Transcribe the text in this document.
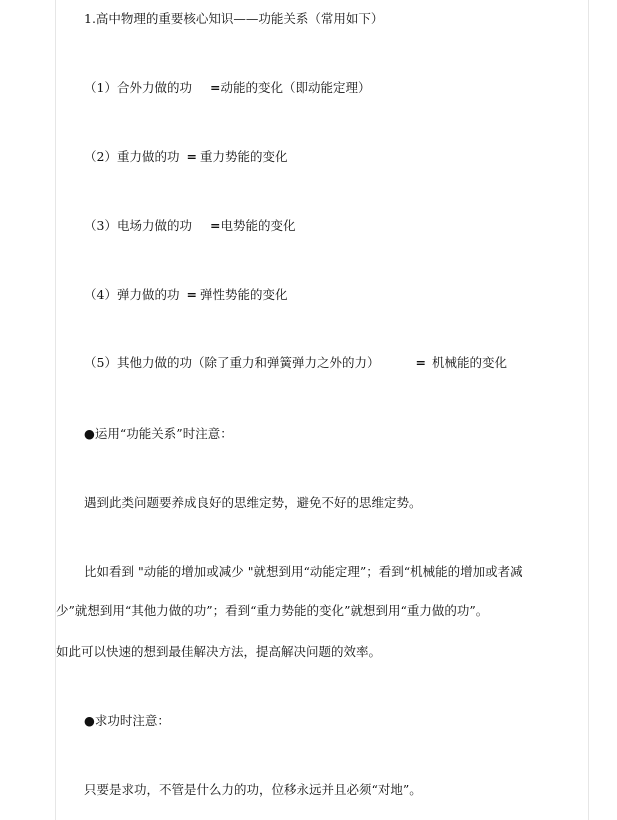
1.高中物理的重要核心知识——功能关系（常用如下）
（1）合外力做的功 =动能的变化（即动能定理）
（2）重力做的功 = 重力势能的变化
（3）电场力做的功 =电势能的变化
（4）弹力做的功 = 弹性势能的变化
（5）其他力做的功（除了重力和弹簧弹力之外的力）	= 机械能的变化
●运用“功能关系”时注意：
遇到此类问题要养成良好的思维定势，避免不好的思维定势。
比如看到 "动能的增加或减少 "就想到用“动能定理”；看到“机械能的增加或者减
少”就想到用“其他力做的功”；看到“重力势能的变化”就想到用“重力做的功”。
如此可以快速的想到最佳解决方法，提高解决问题的效率。
●求功时注意：
只要是求功，不管是什么力的功，位移永远并且必须“对地”。
